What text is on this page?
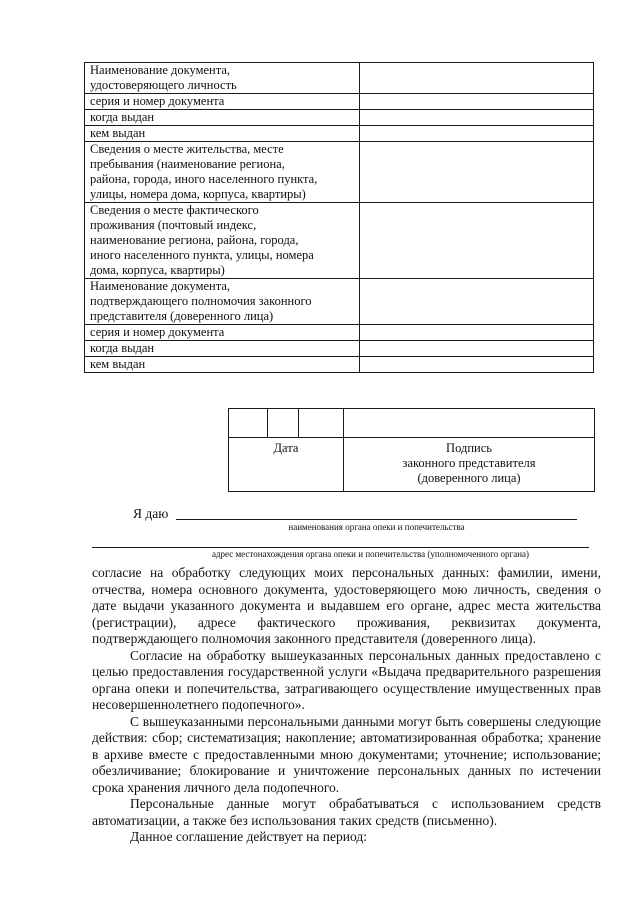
Наименование документа,
удостоверяющего личность	
серия и номер документа	
когда выдан	
кем выдан	
Сведения о месте жительства, месте
пребывания (наименование региона,
района, города, иного населенного пункта,
улицы, номера дома, корпуса, квартиры)	
Сведения о месте фактического
проживания (почтовый индекс,
наименование региона, района, города,
иного населенного пункта, улицы, номера
дома, корпуса, квартиры)	
Наименование документа,
подтверждающего полномочия законного
представителя (доверенного лица)	
серия и номер документа	
когда выдан	
кем выдан	

Дата			Подпись
законного представителя
(доверенного лица)
Я даю
наименования органа опеки и попечительства
адрес местонахождения органа опеки и попечительства (уполномоченного органа)

согласие на обработку следующих моих персональных данных: фамилии, имени, отчества, номера основного документа, удостоверяющего мою личность, сведения о дате выдачи указанного документа и выдавшем его органе, адрес места жительства (регистрации), адресе фактического проживания, реквизитах документа, подтверждающего полномочия законного представителя (доверенного лица).

Согласие на обработку вышеуказанных персональных данных предоставлено с целью предоставления государственной услуги «Выдача предварительного разрешения органа опеки и попечительства, затрагивающего осуществление имущественных прав несовершеннолетнего подопечного».

С вышеуказанными персональными данными могут быть совершены следующие действия: сбор; систематизация; накопление; автоматизированная обработка; хранение в архиве вместе с предоставленными мною документами; уточнение; использование; обезличивание; блокирование и уничтожение персональных данных по истечении срока хранения личного дела подопечного.

Персональные данные могут обрабатываться с использованием средств автоматизации, а также без использования таких средств (письменно).

Данное соглашение действует на период:
